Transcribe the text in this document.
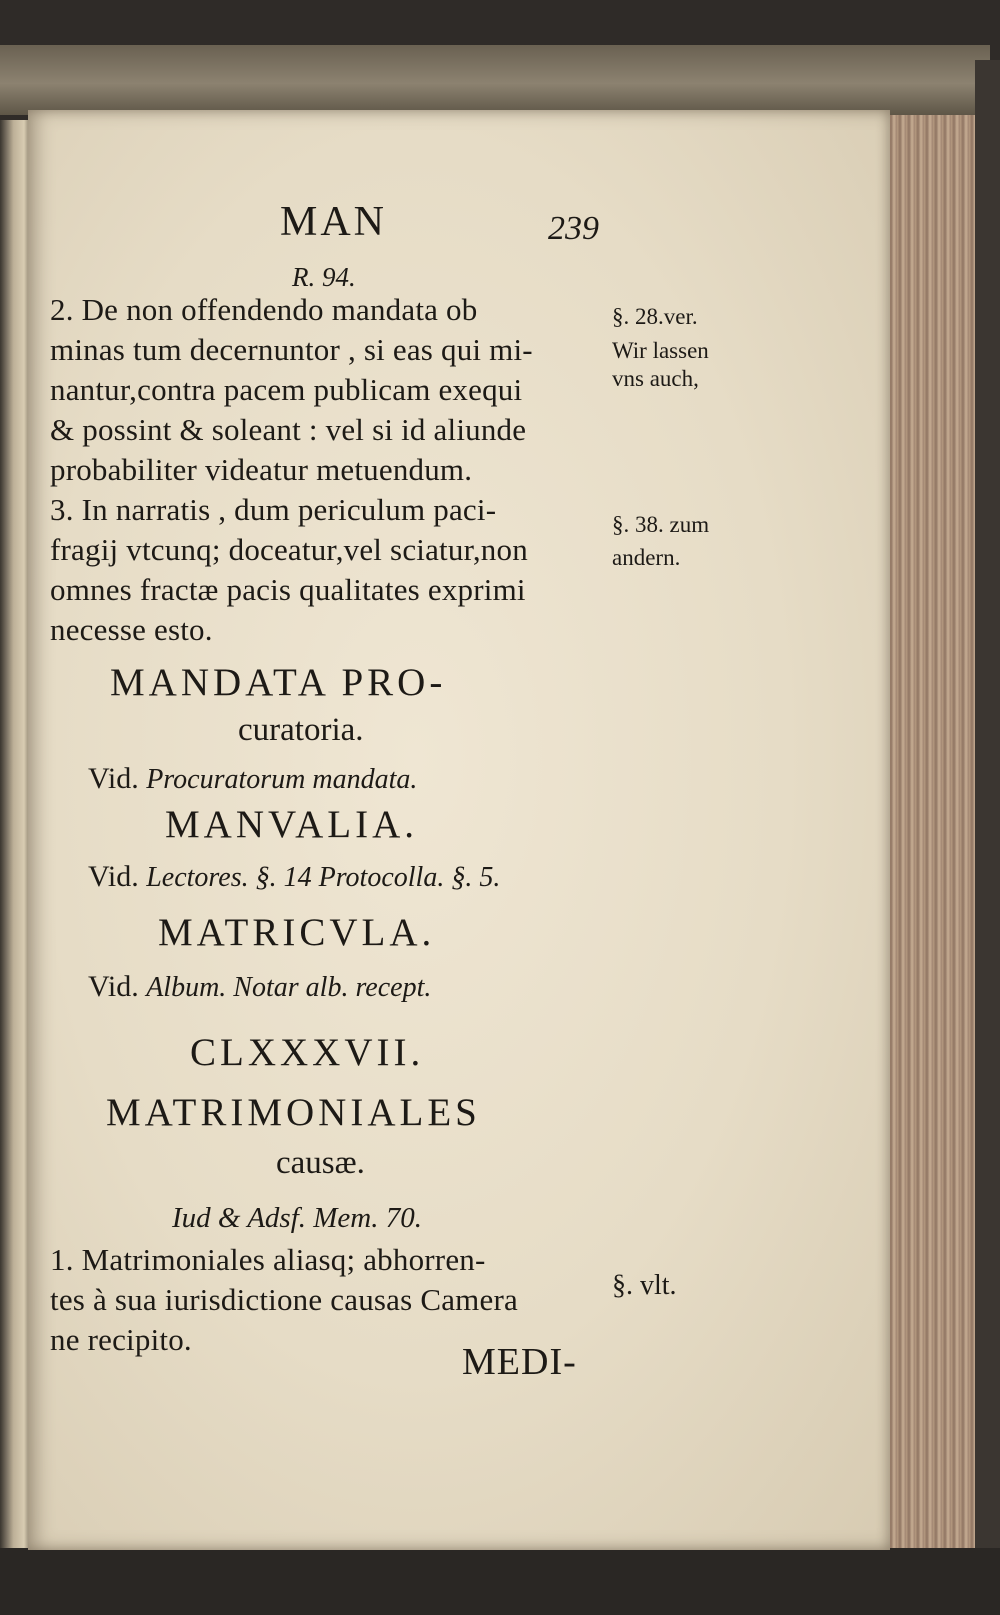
MAN	239
R. 94.
2. De non offendendo mandata ob
minas tum decernuntor , si eas qui mi-
nantur,contra pacem publicam exequi
& possint & soleant : vel si id aliunde
probabiliter videatur metuendum.
§. 28.ver.
Wir lassen
vns auch,
3. In narratis , dum periculum paci-
fragij vtcunq; doceatur,vel sciatur,non
omnes fractæ pacis qualitates exprimi
necesse esto.
§. 38. zum
andern.
MANDATA PRO-
curatoria.
Vid. Procuratorum mandata.
MANVALIA.
Vid. Lectores. §. 14 Protocolla. §. 5.
MATRICVLA.
Vid. Album. Notar alb. recept.
CLXXXVII.
MATRIMONIALES
causæ.
Iud & Adsf. Mem. 70.
1. Matrimoniales aliasq; abhorren-
tes à sua iurisdictione causas Camera
ne recipito.
§. vlt.
MEDI-
